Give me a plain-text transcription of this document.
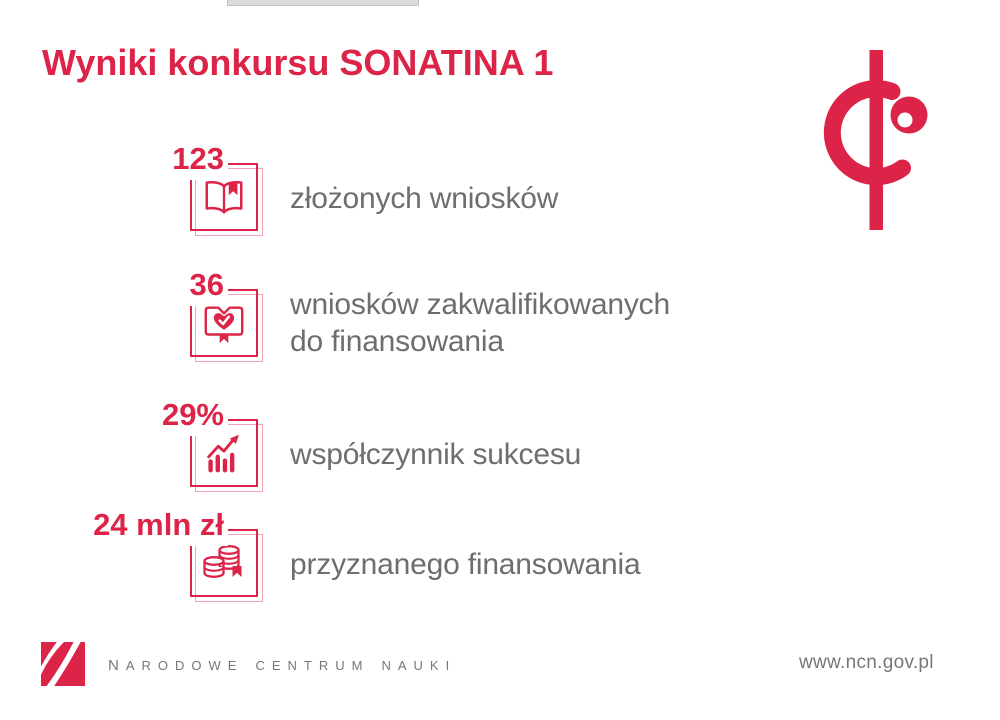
Wyniki konkursu SONATINA 1
123
złożonych wniosków
36
wniosków zakwalifikowanych
do finansowania
29%
współczynnik sukcesu
24 mln zł
przyznanego finansowania
narodowe centrum nauki	www.ncn.gov.pl
